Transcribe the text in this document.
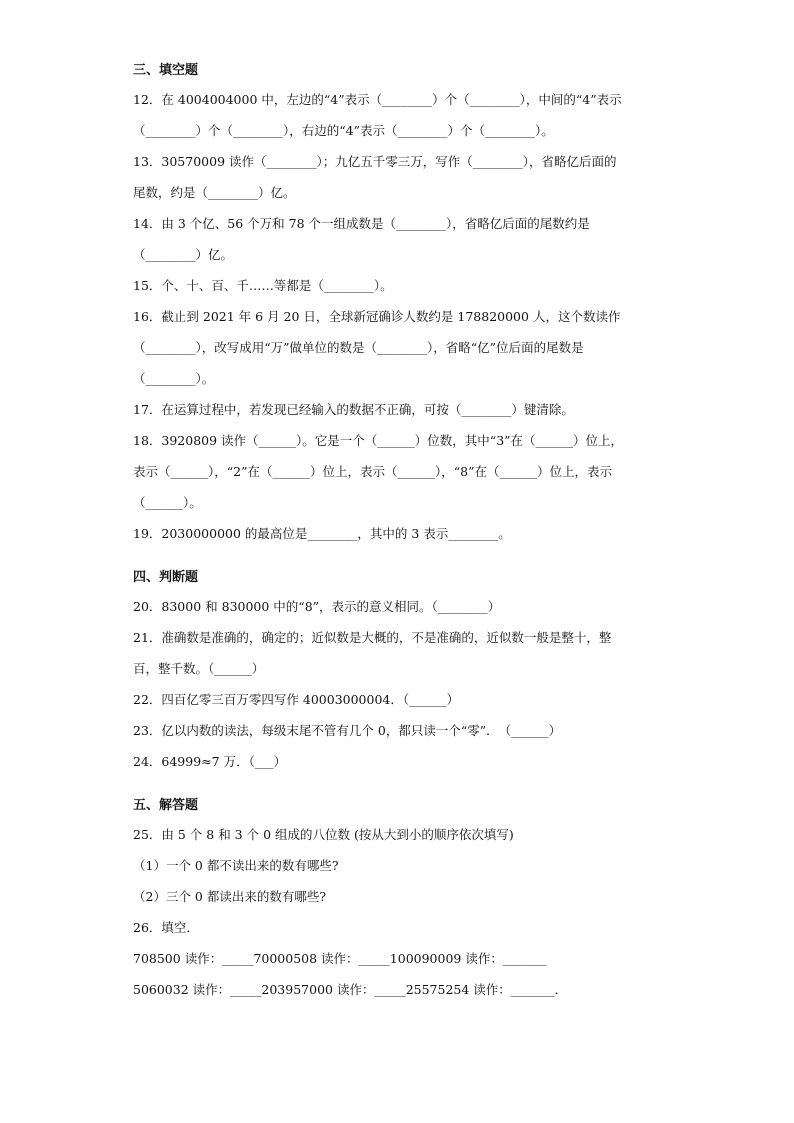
三、填空题
12．在 4004004000 中，左边的“4”表示（________）个（________），中间的“4”表示
（________）个（________），右边的“4”表示（________）个（________）。
13．30570009 读作（________）；九亿五千零三万，写作（________），省略亿后面的
尾数，约是（________）亿。
14．由 3 个亿、56 个万和 78 个一组成数是（________），省略亿后面的尾数约是
（________）亿。
15．个、十、百、千……等都是（________）。
16．截止到 2021 年 6 月 20 日，全球新冠确诊人数约是 178820000 人，这个数读作
（________），改写成用“万”做单位的数是（________），省略“亿”位后面的尾数是
（________）。
17．在运算过程中，若发现已经输入的数据不正确，可按（________）键清除。
18．3920809 读作（______）。它是一个（______）位数，其中“3”在（______）位上，
表示（______），“2”在（______）位上，表示（______），“8”在（______）位上，表示
（______）。
19．2030000000 的最高位是________，其中的 3 表示________。
四、判断题
20．83000 和 830000 中的“8”，表示的意义相同。（________）
21．准确数是准确的，确定的；近似数是大概的，不是准确的，近似数一般是整十，整
百，整千数。（______）
22．四百亿零三百万零四写作 40003000004．（______）
23．亿以内数的读法，每级末尾不管有几个 0，都只读一个“零”．　（______）
24．64999≈7 万．（___）
五、解答题
25．由 5 个 8 和 3 个 0 组成的八位数 (按从大到小的顺序依次填写)
（1）一个 0 都不读出来的数有哪些?
（2）三个 0 都读出来的数有哪些?
26．填空．
708500 读作：_____70000508 读作：_____100090009 读作：_______
5060032 读作：_____203957000 读作：_____25575254 读作：_______．
